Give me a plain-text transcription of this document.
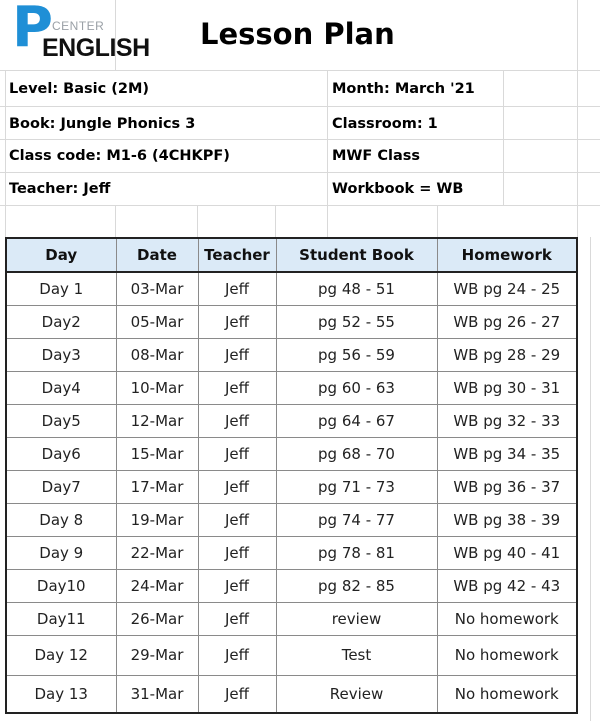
P
CENTER
ENGLISH Lesson Plan
Level: Basic (2M)	Month: March '21
Book: Jungle Phonics 3	Classroom: 1
Class code: M1-6 (4CHKPF)	MWF Class
Teacher: Jeff	Workbook = WB
Day	Date	Teacher	Student Book	Homework
Day 1	03-Mar	Jeff	pg 48 - 51	WB pg 24 - 25
Day2	05-Mar	Jeff	pg 52 - 55	WB pg 26 - 27
Day3	08-Mar	Jeff	pg 56 - 59	WB pg 28 - 29
Day4	10-Mar	Jeff	pg 60 - 63	WB pg 30 - 31
Day5	12-Mar	Jeff	pg 64 - 67	WB pg 32 - 33
Day6	15-Mar	Jeff	pg 68 - 70	WB pg 34 - 35
Day7	17-Mar	Jeff	pg 71 - 73	WB pg 36 - 37
Day 8	19-Mar	Jeff	pg 74 - 77	WB pg 38 - 39
Day 9	22-Mar	Jeff	pg 78 - 81	WB pg 40 - 41
Day10	24-Mar	Jeff	pg 82 - 85	WB pg 42 - 43
Day11	26-Mar	Jeff	review	No homework
Day 12	29-Mar	Jeff	Test	No homework
Day 13	31-Mar	Jeff	Review	No homework
